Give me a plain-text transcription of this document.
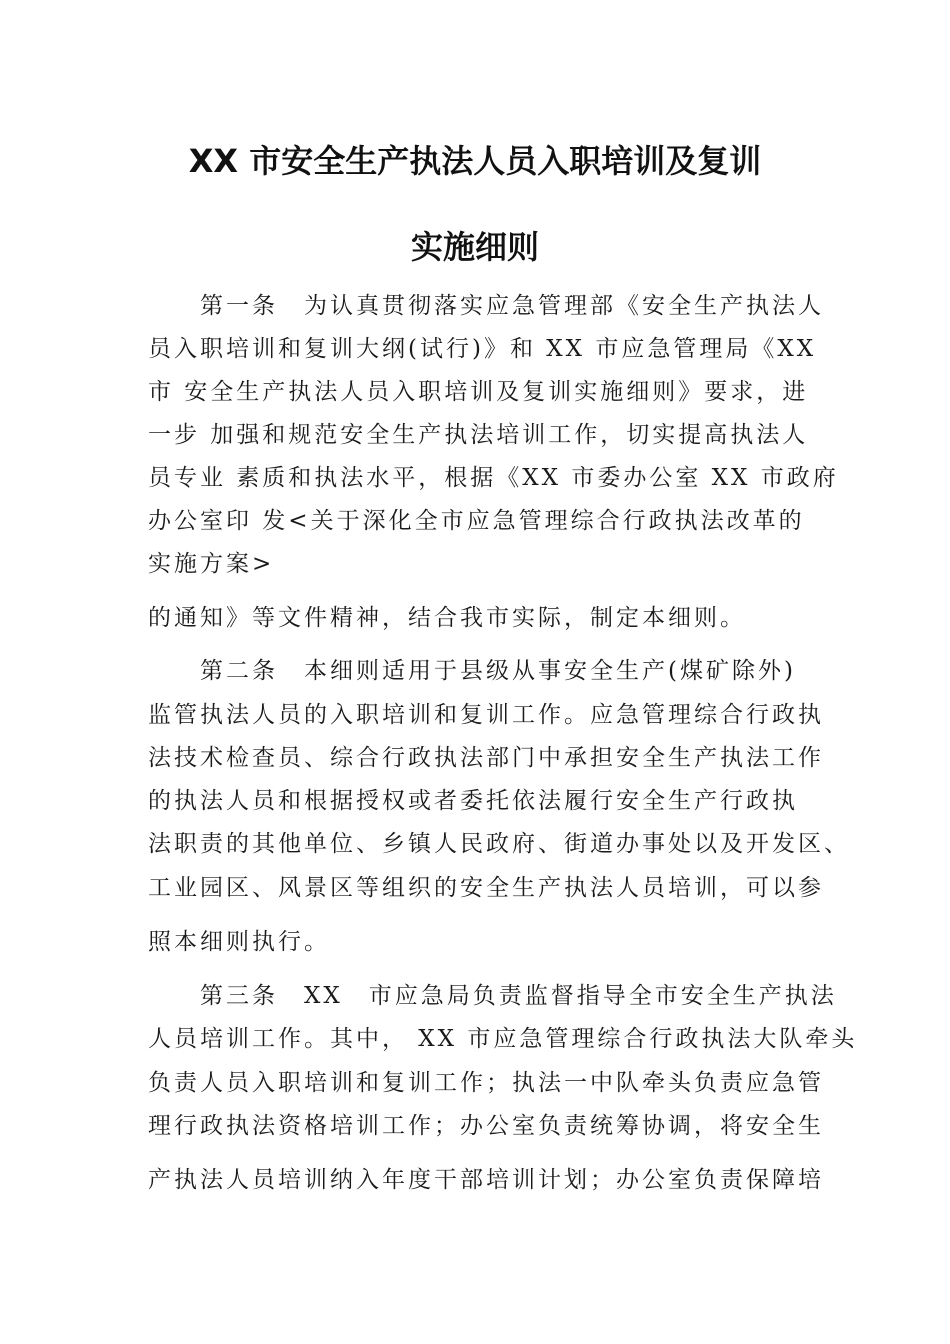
XX 市安全生产执法人员入职培训及复训
实施细则
第一条　为认真贯彻落实应急管理部《安全生产执法人
员入职培训和复训大纲(试行)》和 XX 市应急管理局《XX
市 安全生产执法人员入职培训及复训实施细则》要求，进
一步 加强和规范安全生产执法培训工作，切实提高执法人
员专业 素质和执法水平，根据《XX 市委办公室 XX 市政府
办公室印 发<关于深化全市应急管理综合行政执法改革的
实施方案>
的通知》等文件精神，结合我市实际，制定本细则。
第二条　本细则适用于县级从事安全生产(煤矿除外)
监管执法人员的入职培训和复训工作。应急管理综合行政执
法技术检查员、综合行政执法部门中承担安全生产执法工作
的执法人员和根据授权或者委托依法履行安全生产行政执
法职责的其他单位、乡镇人民政府、街道办事处以及开发区、
工业园区、风景区等组织的安全生产执法人员培训，可以参
照本细则执行。
第三条　XX　市应急局负责监督指导全市安全生产执法
人员培训工作。其中， XX 市应急管理综合行政执法大队牵头
负责人员入职培训和复训工作；执法一中队牵头负责应急管
理行政执法资格培训工作；办公室负责统筹协调，将安全生
产执法人员培训纳入年度干部培训计划；办公室负责保障培
